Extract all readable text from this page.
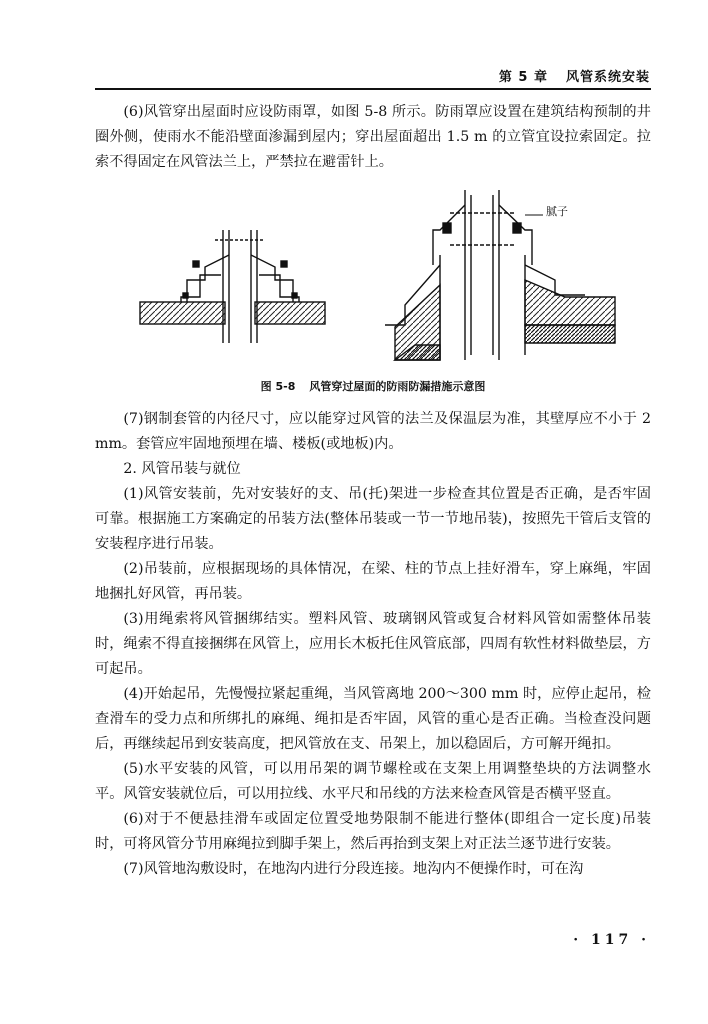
第 5 章 风管系统安装

(6)风管穿出屋面时应设防雨罩，如图 5-8 所示。防雨罩应设置在建筑结构预制的井圈外侧，使雨水不能沿壁面渗漏到屋内；穿出屋面超出 1.5 m 的立管宜设拉索固定。拉索不得固定在风管法兰上，严禁拉在避雷针上。

腻子
图 5-8 风管穿过屋面的防雨防漏措施示意图

(7)钢制套管的内径尺寸，应以能穿过风管的法兰及保温层为准，其壁厚应不小于 2 mm。套管应牢固地预埋在墙、楼板(或地板)内。

2. 风管吊装与就位

(1)风管安装前，先对安装好的支、吊(托)架进一步检查其位置是否正确，是否牢固可靠。根据施工方案确定的吊装方法(整体吊装或一节一节地吊装)，按照先干管后支管的安装程序进行吊装。

(2)吊装前，应根据现场的具体情况，在梁、柱的节点上挂好滑车，穿上麻绳，牢固地捆扎好风管，再吊装。

(3)用绳索将风管捆绑结实。塑料风管、玻璃钢风管或复合材料风管如需整体吊装时，绳索不得直接捆绑在风管上，应用长木板托住风管底部，四周有软性材料做垫层，方可起吊。

(4)开始起吊，先慢慢拉紧起重绳，当风管离地 200～300 mm 时，应停止起吊，检查滑车的受力点和所绑扎的麻绳、绳扣是否牢固，风管的重心是否正确。当检查没问题后，再继续起吊到安装高度，把风管放在支、吊架上，加以稳固后，方可解开绳扣。

(5)水平安装的风管，可以用吊架的调节螺栓或在支架上用调整垫块的方法调整水平。风管安装就位后，可以用拉线、水平尺和吊线的方法来检查风管是否横平竖直。

(6)对于不便悬挂滑车或固定位置受地势限制不能进行整体(即组合一定长度)吊装时，可将风管分节用麻绳拉到脚手架上，然后再抬到支架上对正法兰逐节进行安装。

(7)风管地沟敷设时，在地沟内进行分段连接。地沟内不便操作时，可在沟

· 117 ·
